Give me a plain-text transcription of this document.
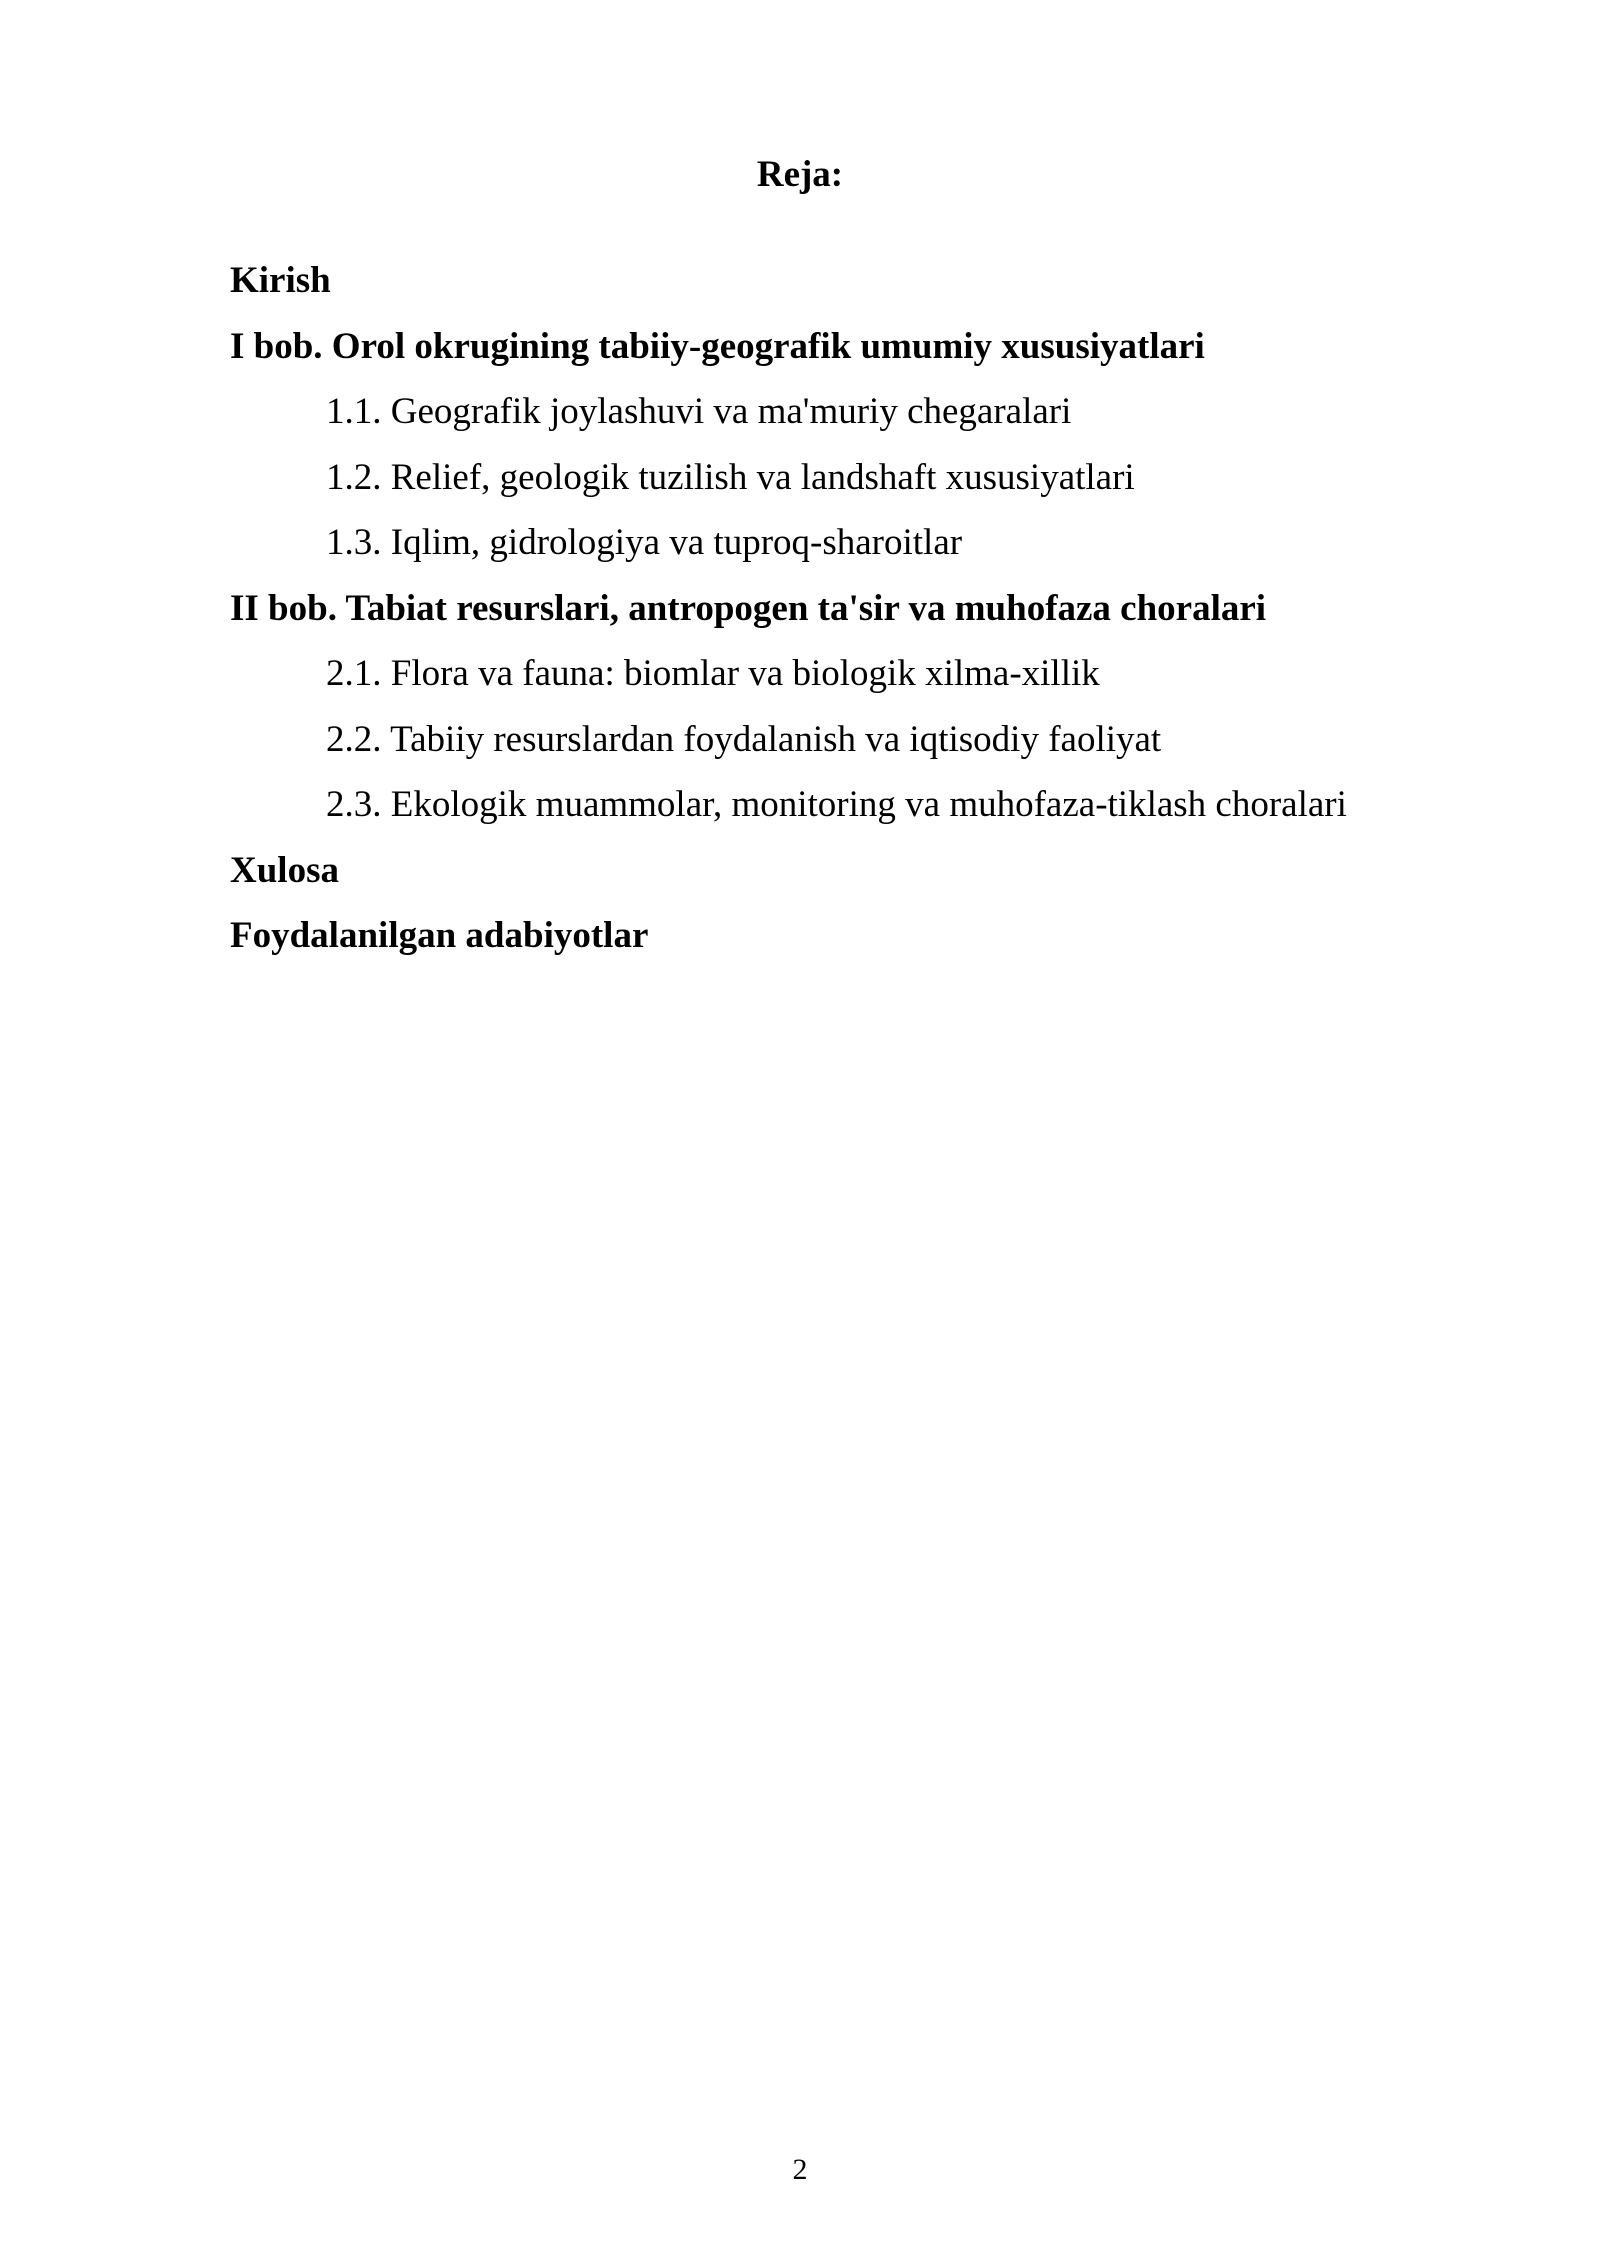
Reja:
Kirish
I bob. Orol okrugining tabiiy-geografik umumiy xususiyatlari
1.1. Geografik joylashuvi va ma'muriy chegaralari
1.2. Relief, geologik tuzilish va landshaft xususiyatlari
1.3. Iqlim, gidrologiya va tuproq-sharoitlar
II bob. Tabiat resurslari, antropogen ta'sir va muhofaza choralari
2.1. Flora va fauna: biomlar va biologik xilma-xillik
2.2. Tabiiy resurslardan foydalanish va iqtisodiy faoliyat
2.3. Ekologik muammolar, monitoring va muhofaza-tiklash choralari
Xulosa
Foydalanilgan adabiyotlar
2
